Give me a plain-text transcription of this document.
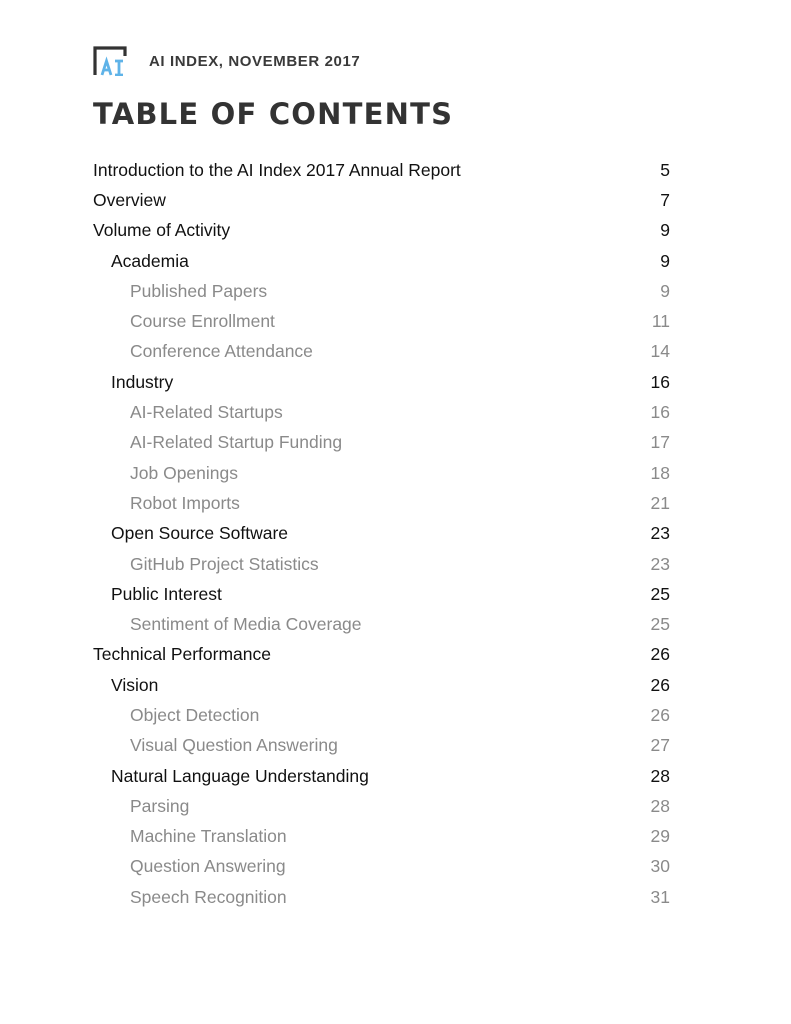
AI INDEX, NOVEMBER 2017
TABLE OF CONTENTS
Introduction to the AI Index 2017 Annual Report	5
Overview	7
Volume of Activity	9
Academia	9
Published Papers	9
Course Enrollment	11
Conference Attendance	14
Industry	16
AI-Related Startups	16
AI-Related Startup Funding	17
Job Openings	18
Robot Imports	21
Open Source Software	23
GitHub Project Statistics	23
Public Interest	25
Sentiment of Media Coverage	25
Technical Performance	26
Vision	26
Object Detection	26
Visual Question Answering	27
Natural Language Understanding	28
Parsing	28
Machine Translation	29
Question Answering	30
Speech Recognition	31
